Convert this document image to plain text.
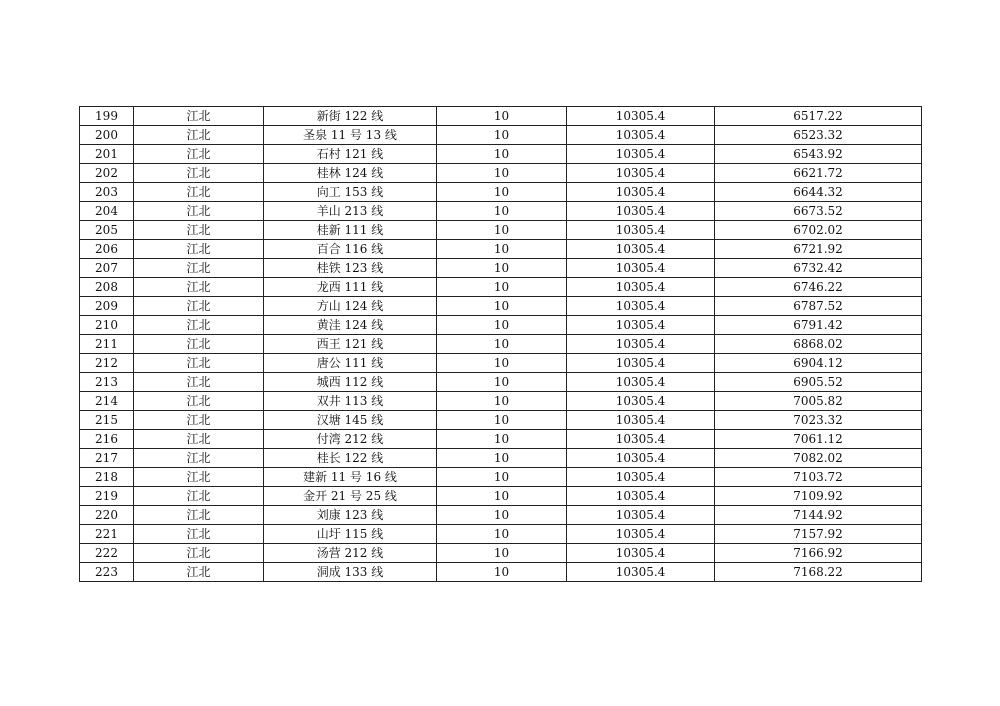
199	江北	新街 122 线	10	10305.4	6517.22
200	江北	圣泉 11 号 13 线	10	10305.4	6523.32
201	江北	石村 121 线	10	10305.4	6543.92
202	江北	桂林 124 线	10	10305.4	6621.72
203	江北	向工 153 线	10	10305.4	6644.32
204	江北	羊山 213 线	10	10305.4	6673.52
205	江北	桂新 111 线	10	10305.4	6702.02
206	江北	百合 116 线	10	10305.4	6721.92
207	江北	桂铁 123 线	10	10305.4	6732.42
208	江北	龙西 111 线	10	10305.4	6746.22
209	江北	方山 124 线	10	10305.4	6787.52
210	江北	黄洼 124 线	10	10305.4	6791.42
211	江北	西王 121 线	10	10305.4	6868.02
212	江北	唐公 111 线	10	10305.4	6904.12
213	江北	城西 112 线	10	10305.4	6905.52
214	江北	双井 113 线	10	10305.4	7005.82
215	江北	汉塘 145 线	10	10305.4	7023.32
216	江北	付湾 212 线	10	10305.4	7061.12
217	江北	桂长 122 线	10	10305.4	7082.02
218	江北	建新 11 号 16 线	10	10305.4	7103.72
219	江北	金开 21 号 25 线	10	10305.4	7109.92
220	江北	刘康 123 线	10	10305.4	7144.92
221	江北	山圩 115 线	10	10305.4	7157.92
222	江北	汤营 212 线	10	10305.4	7166.92
223	江北	洞成 133 线	10	10305.4	7168.22
